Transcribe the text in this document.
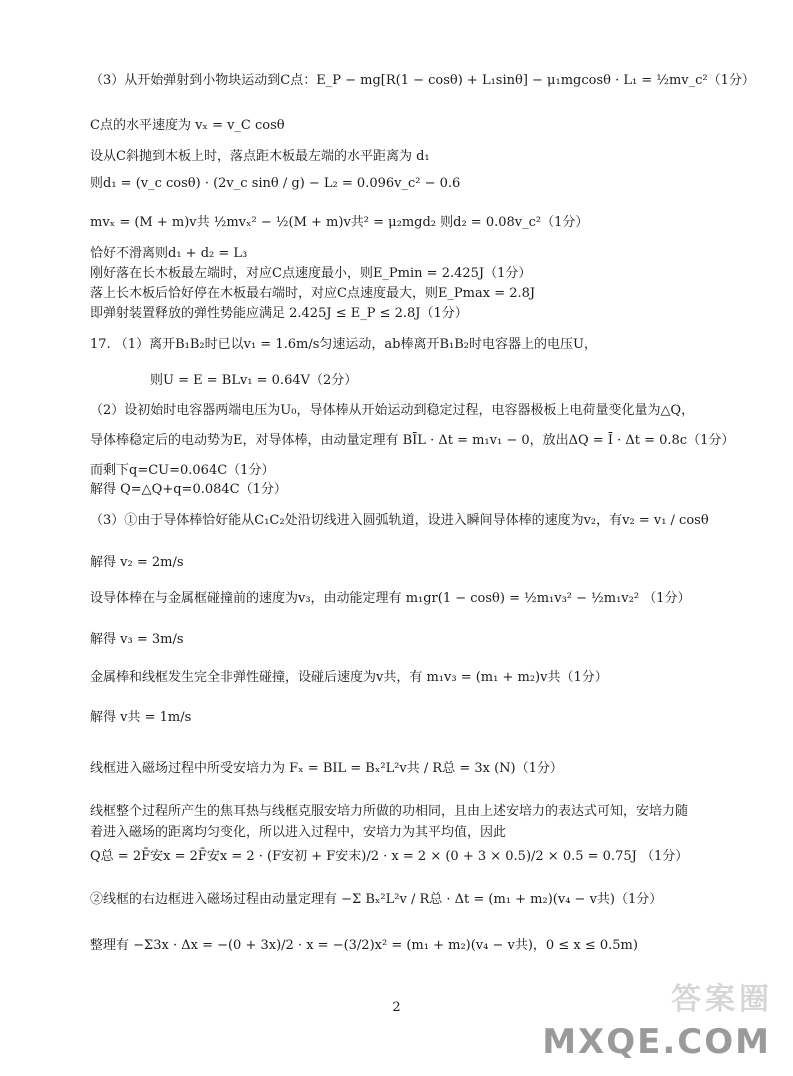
（3）从开始弹射到小物块运动到C点：E_P − mg[R(1 − cosθ) + L₁sinθ] − μ₁mgcosθ · L₁ = ½mv_c²（1分）
C点的水平速度为 vₓ = v_C cosθ
设从C斜抛到木板上时，落点距木板最左端的水平距离为 d₁
则d₁ = (v_c cosθ) · (2v_c sinθ / g) − L₂ = 0.096v_c² − 0.6
mvₓ = (M + m)v共 ½mvₓ² − ½(M + m)v共² = μ₂mgd₂ 则d₂ = 0.08v_c²（1分）
恰好不滑离则d₁ + d₂ = L₃
刚好落在长木板最左端时，对应C点速度最小，则E_Pmin = 2.425J（1分）
落上长木板后恰好停在木板最右端时，对应C点速度最大，则E_Pmax = 2.8J
即弹射装置释放的弹性势能应满足 2.425J ≤ E_P ≤ 2.8J（1分）
17. （1）离开B₁B₂时已以v₁ = 1.6m/s匀速运动，ab棒离开B₁B₂时电容器上的电压U，
则U = E = BLv₁ = 0.64V（2分）
（2）设初始时电容器两端电压为U₀，导体棒从开始运动到稳定过程，电容器极板上电荷量变化量为△Q，
导体棒稳定后的电动势为E，对导体棒，由动量定理有 BĪL · Δt = m₁v₁ − 0，放出ΔQ = Ī · Δt = 0.8c（1分）
而剩下q=CU=0.064C（1分）
解得 Q=△Q+q=0.084C（1分）
（3）①由于导体棒恰好能从C₁C₂处沿切线进入圆弧轨道，设进入瞬间导体棒的速度为v₂，有v₂ = v₁ / cosθ
解得 v₂ = 2m/s
设导体棒在与金属框碰撞前的速度为v₃，由动能定理有 m₁gr(1 − cosθ) = ½m₁v₃² − ½m₁v₂² （1分）
解得 v₃ = 3m/s
金属棒和线框发生完全非弹性碰撞，设碰后速度为v共，有 m₁v₃ = (m₁ + m₂)v共（1分）
解得 v共 = 1m/s
线框进入磁场过程中所受安培力为 Fₓ = BIL = Bₓ²L²v共 / R总 = 3x (N)（1分）
线框整个过程所产生的焦耳热与线框克服安培力所做的功相同，且由上述安培力的表达式可知，安培力随
着进入磁场的距离均匀变化，所以进入过程中，安培力为其平均值，因此
Q总 = 2F̄安x = 2F̄安x = 2 · (F安初 + F安末)/2 · x = 2 × (0 + 3 × 0.5)/2 × 0.5 = 0.75J （1分）
②线框的右边框进入磁场过程由动量定理有 −Σ Bₓ²L²v / R总 · Δt = (m₁ + m₂)(v₄ − v共)（1分）
整理有 −Σ3x · Δx = −(0 + 3x)/2 · x = −(3/2)x² = (m₁ + m₂)(v₄ − v共)，0 ≤ x ≤ 0.5m)
2	答案圈
MXQE.COM
